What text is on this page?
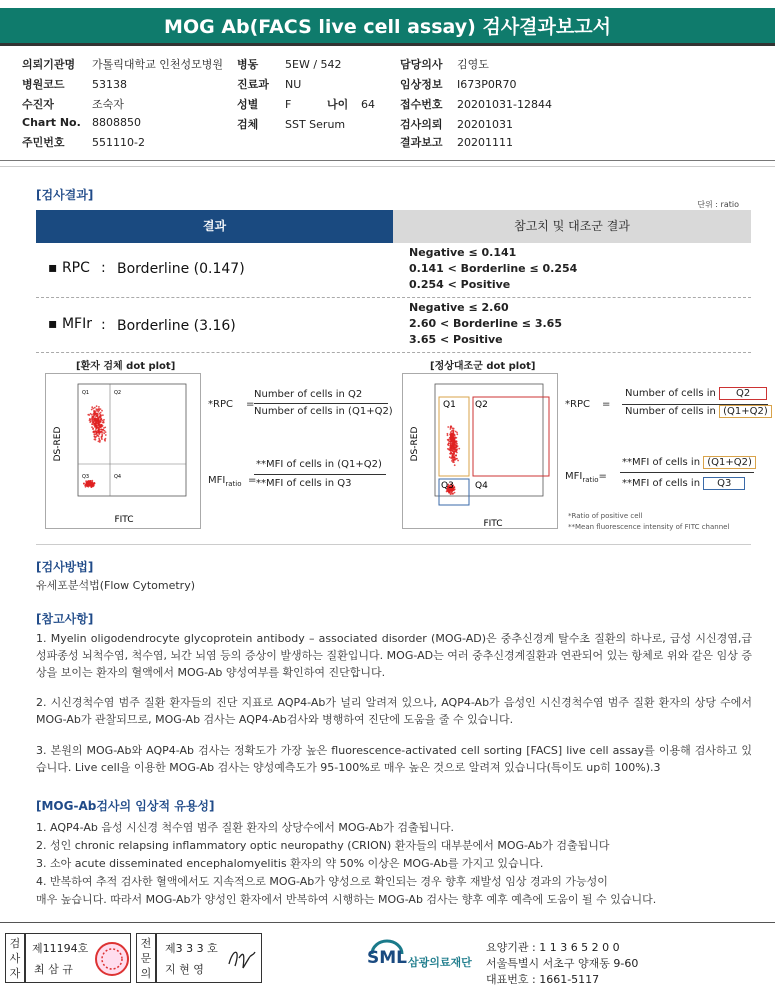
MOG Ab(FACS live cell assay) 검사결과보고서
의뢰기관명 가톨릭대학교 인천성모병원 병동 5EW / 542	담당의사 김영도
병원코드 53138	진료과 NU	임상정보 I673P0R70
수진자	조숙자	성별 F	나이 64 접수번호 20201031-12844
Chart No. 8808850	검체 SST Serum	검사의뢰 20201031
주민번호 551110-2	결과보고 20201111
[검사결과]
단위 : ratio
결과	참고치 및 대조군 결과
▪ RPC : Borderline (0.147)
Negative ≤ 0.141
0.141 < Borderline ≤ 0.254
0.254 < Positive
▪ MFIr : Borderline (3.16)
Negative ≤ 2.60
2.60 < Borderline ≤ 3.65
3.65 < Positive
[환자 검체 dot plot]	[정상대조군 dot plot]
Q1	Q2
Q3	Q4
FITC
DS-RED
*RPC =
Number of cells in Q2
Number of cells in (Q1+Q2)
$MFI_{ratio}$ =
**MFI of cells in (Q1+Q2)
**MFI of cells in Q3
Q1 Q2
Q3 Q4
FITC
DS-RED
*RPC =
Number of cells in Q2
Number of cells in (Q1+Q2)
$MFI_{ratio}=$
**MFI of cells in (Q1+Q2)
**MFI of cells in Q3
*Ratio of positive cell
**Mean fluorescence intensity of FITC channel
[검사방법]
유세포분석법(Flow Cytometry)
[참고사항]
1. Myelin oligodendrocyte glycoprotein antibody – associated disorder (MOG-AD)은 중추신경계 탈수초 질환의 하나로, 급성 시신경염,급성파종성 뇌척수염, 척수염, 뇌간 뇌염 등의 증상이 발생하는 질환입니다. MOG-AD는 여러 중추신경계질환과 연관되어 있는 항체로 위와 같은 임상 증상을 보이는 환자의 혈액에서 MOG-Ab 양성여부를 확인하여 진단합니다.
2. 시신경척수염 범주 질환 환자들의 진단 지표로 AQP4-Ab가 널리 알려져 있으나, AQP4-Ab가 음성인 시신경척수염 범주 질환 환자의 상당 수에서 MOG-Ab가 관찰되므로, MOG-Ab 검사는 AQP4-Ab검사와 병행하여 진단에 도움을 줄 수 있습니다.
3. 본원의 MOG-Ab와 AQP4-Ab 검사는 정확도가 가장 높은 fluorescence-activated cell sorting [FACS] live cell assay를 이용해 검사하고 있습니다. Live cell을 이용한 MOG-Ab 검사는 양성예측도가 95-100%로 매우 높은 것으로 알려져 있습니다(특이도 up히 100%).3
[MOG-Ab검사의 임상적 유용성]
1. AQP4-Ab 음성 시신경 척수염 범주 질환 환자의 상당수에서 MOG-Ab가 검출됩니다.
2. 성인 chronic relapsing inflammatory optic neuropathy (CRION) 환자들의 대부분에서 MOG-Ab가 검출됩니다
3. 소아 acute disseminated encephalomyelitis 환자의 약 50% 이상은 MOG-Ab를 가지고 있습니다.
4. 반복하여 추적 검사한 혈액에서도 지속적으로 MOG-Ab가 양성으로 확인되는 경우 향후 재발성 임상 경과의 가능성이
매우 높습니다. 따라서 MOG-Ab가 양성인 환자에서 반복하여 시행하는 MOG-Ab 검사는 향후 예후 예측에 도움이 될 수 있습니다.
검
사
자
제11194호
최 삼 규
전
문
의
제3 3 3 호
지 현 영
SML 삼광의료재단
요양기관 : 1 1 3 6 5 2 0 0
서울특별시 서초구 양재동 9-60
대표번호 : 1661-5117
